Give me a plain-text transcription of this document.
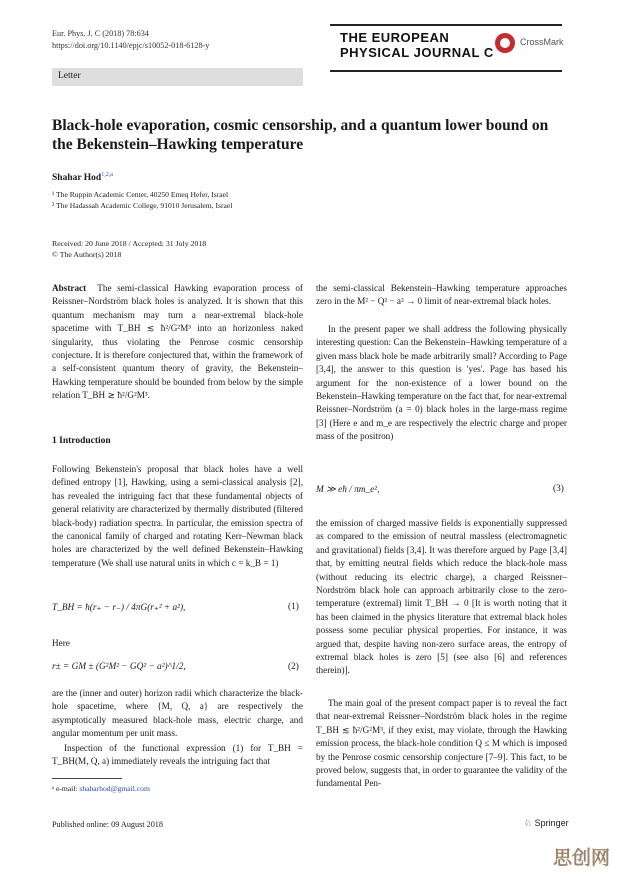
Eur. Phys. J. C (2018) 78:634
https://doi.org/10.1140/epjc/s10052-018-6128-y
THE EUROPEAN
PHYSICAL JOURNAL C
CrossMark
Letter
Black-hole evaporation, cosmic censorship, and a quantum lower bound on the Bekenstein–Hawking temperature
Shahar Hod$^{1,2,a}$
¹ The Ruppin Academic Center, 40250 Emeq Hefer, Israel
² The Hadassah Academic College, 91010 Jerusalem, Israel
Received: 20 June 2018 / Accepted: 31 July 2018
© The Author(s) 2018
Abstract The semi-classical Hawking evaporation process of Reissner–Nordström black holes is analyzed. It is shown that this quantum mechanism may turn a near-extremal black-hole spacetime with T_BH ≲ ħ²/G²M³ into an horizonless naked singularity, thus violating the Penrose cosmic censorship conjecture. It is therefore conjectured that, within the framework of a self-consistent quantum theory of gravity, the Bekenstein–Hawking temperature should be bounded from below by the simple relation T_BH ≳ ħ²/G²M³.
1 Introduction
Following Bekenstein's proposal that black holes have a well defined entropy [1], Hawking, using a semi-classical analysis [2], has revealed the intriguing fact that these fundamental objects of general relativity are characterized by thermally distributed (filtered black-body) radiation spectra. In particular, the emission spectra of the canonical family of charged and rotating Kerr–Newman black holes are characterized by the well defined Bekenstein–Hawking temperature (We shall use natural units in which c = k_B = 1)
T_BH = ħ(r₊ − r₋) / 4πG(r₊² + a²),	(1)
Here
r± = GM ± (G²M² − GQ² − a²)^1/2,	(2)
are the (inner and outer) horizon radii which characterize the black-hole spacetime, where {M, Q, a} are respectively the asymptotically measured black-hole mass, electric charge, and angular momentum per unit mass.
Inspection of the functional expression (1) for T_BH = T_BH(M, Q, a) immediately reveals the intriguing fact that
ᵃ e-mail: shaharhod@gmail.com
the semi-classical Bekenstein–Hawking temperature approaches zero in the M² − Q² − a² → 0 limit of near-extremal black holes.
In the present paper we shall address the following physically interesting question: Can the Bekenstein–Hawking temperature of a given mass black hole be made arbitrarily small? According to Page [3,4], the answer to this question is 'yes'. Page has based his argument for the non-existence of a lower bound on the Bekenstein–Hawking temperature on the fact that, for near-extremal Reissner–Nordström (a = 0) black holes in the large-mass regime [3] (Here e and m_e are respectively the electric charge and proper mass of the positron)
M ≫ eħ / πm_e²,	(3)
the emission of charged massive fields is exponentially suppressed as compared to the emission of neutral massless (electromagnetic and gravitational) fields [3,4]. It was therefore argued by Page [3,4] that, by emitting neutral fields which reduce the black-hole mass (without reducing its electric charge), a charged Reissner–Nordström black hole can approach arbitrarily close to the zero-temperature (extremal) limit T_BH → 0 [It is worth noting that it has been claimed in the physics literature that extremal black holes possess some peculiar physical properties. For instance, it was argued that, despite having non-zero surface areas, the entropy of extremal black holes is zero [5] (see also [6] and references therein)].
The main goal of the present compact paper is to reveal the fact that near-extremal Reissner–Nordström black holes in the regime T_BH ≲ ħ²/G²M³, if they exist, may violate, through the Hawking emission process, the black-hole condition Q ≤ M which is imposed by the Penrose cosmic censorship conjecture [7–9]. This fact, to be proved below, suggests that, in order to guarantee the validity of the fundamental Pen-
Published online: 09 August 2018	♘ Springer
思创网
